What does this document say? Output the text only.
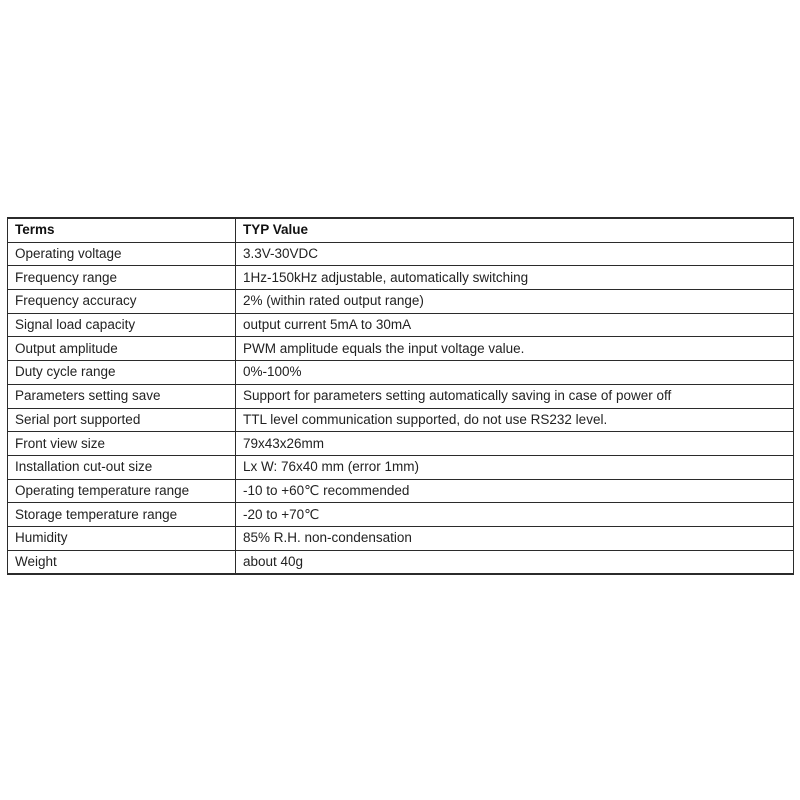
Terms	TYP Value
Operating voltage	3.3V-30VDC
Frequency range	1Hz-150kHz adjustable, automatically switching
Frequency accuracy	2% (within rated output range)
Signal load capacity	output current 5mA to 30mA
Output amplitude	PWM amplitude equals the input voltage value.
Duty cycle range	0%-100%
Parameters setting save	Support for parameters setting automatically saving in case of power off
Serial port supported	TTL level communication supported, do not use RS232 level.
Front view size	79x43x26mm
Installation cut-out size	Lx W: 76x40 mm (error 1mm)
Operating temperature range	-10 to +60℃ recommended
Storage temperature range	-20 to +70℃
Humidity	85% R.H. non-condensation
Weight	about 40g
